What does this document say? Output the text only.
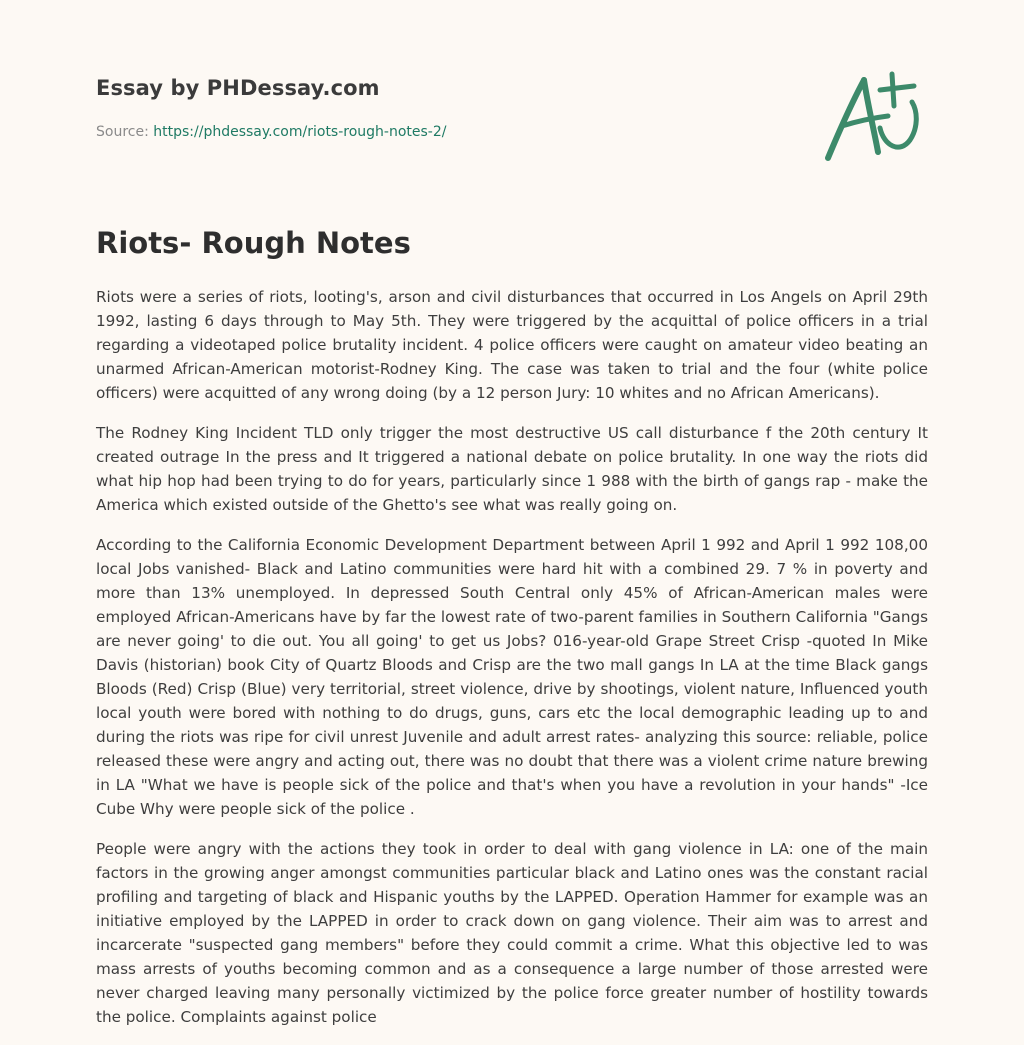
Essay by PHDessay.com
Source: https://phdessay.com/riots-rough-notes-2/
Riots- Rough Notes

Riots were a series of riots, looting's, arson and civil disturbances that occurred in Los Angels on April 29th 1992, lasting 6 days through to May 5th. They were triggered by the acquittal of police officers in a trial regarding a videotaped police brutality incident. 4 police officers were caught on amateur video beating an unarmed African-American motorist-Rodney King. The case was taken to trial and the four (white police officers) were acquitted of any wrong doing (by a 12 person Jury: 10 whites and no African Americans).

The Rodney King Incident TLD only trigger the most destructive US call disturbance f the 20th century It created outrage In the press and It triggered a national debate on police brutality. In one way the riots did what hip hop had been trying to do for years, particularly since 1 988 with the birth of gangs rap - make the America which existed outside of the Ghetto's see what was really going on.

According to the California Economic Development Department between April 1 992 and April 1 992 108,00 local Jobs vanished- Black and Latino communities were hard hit with a combined 29. 7 % in poverty and more than 13% unemployed. In depressed South Central only 45% of African-American males were employed African-Americans have by far the lowest rate of two-parent families in Southern California "Gangs are never going' to die out. You all going' to get us Jobs? 016-year-old Grape Street Crisp -quoted In Mike Davis (historian) book City of Quartz Bloods and Crisp are the two mall gangs In LA at the time Black gangs Bloods (Red) Crisp (Blue) very territorial, street violence, drive by shootings, violent nature, Influenced youth local youth were bored with nothing to do drugs, guns, cars etc the local demographic leading up to and during the riots was ripe for civil unrest Juvenile and adult arrest rates- analyzing this source: reliable, police released these were angry and acting out, there was no doubt that there was a violent crime nature brewing in LA "What we have is people sick of the police and that's when you have a revolution in your hands" -Ice Cube Why were people sick of the police .

People were angry with the actions they took in order to deal with gang violence in LA: one of the main factors in the growing anger amongst communities particular black and Latino ones was the constant racial profiling and targeting of black and Hispanic youths by the LAPPED. Operation Hammer for example was an initiative employed by the LAPPED in order to crack down on gang violence. Their aim was to arrest and incarcerate "suspected gang members" before they could commit a crime. What this objective led to was mass arrests of youths becoming common and as a consequence a large number of those arrested were never charged leaving many personally victimized by the police force greater number of hostility towards the police. Complaints against police
